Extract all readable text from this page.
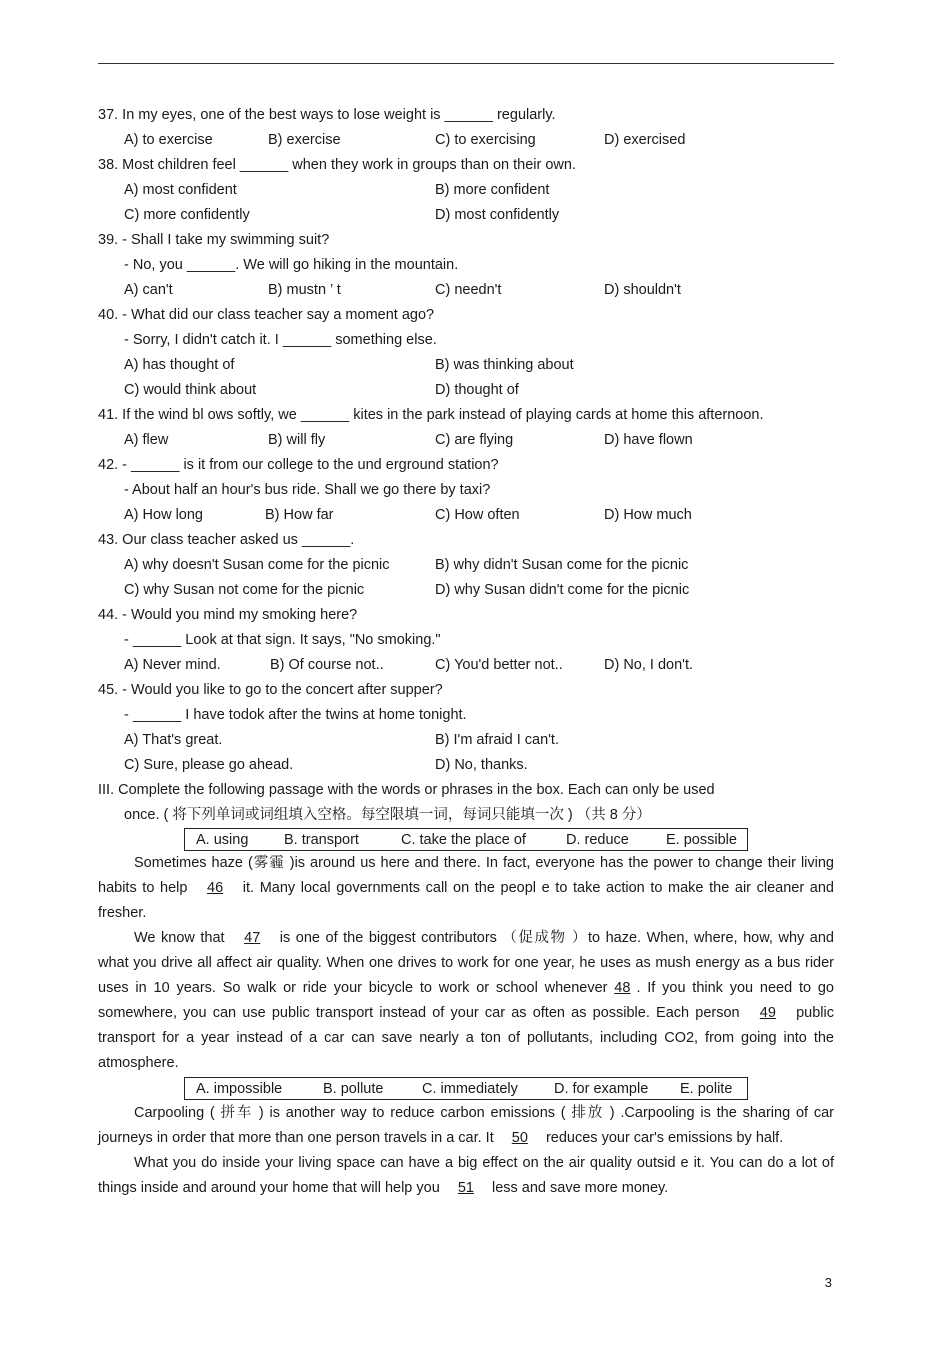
37. In my eyes, one of the best ways to lose weight is ______ regularly.
A) to exercise	B) exercise	C) to exercising	D) exercised
38. Most children feel ______ when they work in groups than on their own.
A) most confident	B) more confident
C) more confidently	D) most confidently
39. - Shall I take my swimming suit?
- No, you ______. We will go hiking in the mountain.
A) can't	B) mustn ’ t	C) needn't	D) shouldn't
40. - What did our class teacher say a moment ago?
- Sorry, I didn't catch it. I ______ something else.
A) has thought of	B) was thinking about
C) would think about	D) thought of
41. If the wind bl ows softly, we ______ kites in the park instead of playing cards at home this afternoon.
A) flew	B) will fly	C) are flying	D) have flown
42. - ______ is it from our college to the und erground station?
- About half an hour's bus ride. Shall we go there by taxi?
A) How long	B) How far	C) How often	D) How much
43. Our class teacher asked us ______.
A) why doesn't Susan come for the picnic	B) why didn't Susan come for the picnic
C) why Susan not come for the picnic	D) why Susan didn't come for the picnic
44. - Would you mind my smoking here?
- ______ Look at that sign. It says, "No smoking."
A) Never mind.	B) Of course not..	C) You'd better not..	D) No, I don't.
45. - Would you like to go to the concert after supper?
- ______ I have todok after the twins at home tonight.
A) That's great.	B) I'm afraid I can't.
C) Sure, please go ahead.	D) No, thanks.
III. Complete the following passage with the words or phrases in the box. Each can only be used
once. ( 将下列单词或词组填入空格。每空限填一词，每词只能填一次 ) （共 8 分）
A. using B. transport	C. take the place of	D. reduce	E. possible

Sometimes haze (雾霾 )is around us here and there. In fact, everyone has the power to change their living habits to help 46 it. Many local governments call on the peopl e to take action to make the air cleaner and fresher.

We know that 47 is one of the biggest contributors （促成物 ）to haze. When, where, how, why and what you drive all affect air quality. When one drives to work for one year, he uses as mush energy as a bus rider uses in 10 years. So walk or ride your bicycle to work or school whenever 48 . If you think you need to go somewhere, you can use public transport instead of your car as often as possible. Each person 49 public transport for a year instead of a car can save nearly a ton of pollutants, including CO2, from going into the atmosphere.

A. impossible	B. pollute	C. immediately D. for example E. polite

Carpooling ( 拼车 ) is another way to reduce carbon emissions ( 排放 ) .Carpooling is the sharing of car journeys in order that more than one person travels in a car. It 50 reduces your car's emissions by half.

What you do inside your living space can have a big effect on the air quality outsid e it. You can do a lot of things inside and around your home that will help you 51 less and save more money.

3
